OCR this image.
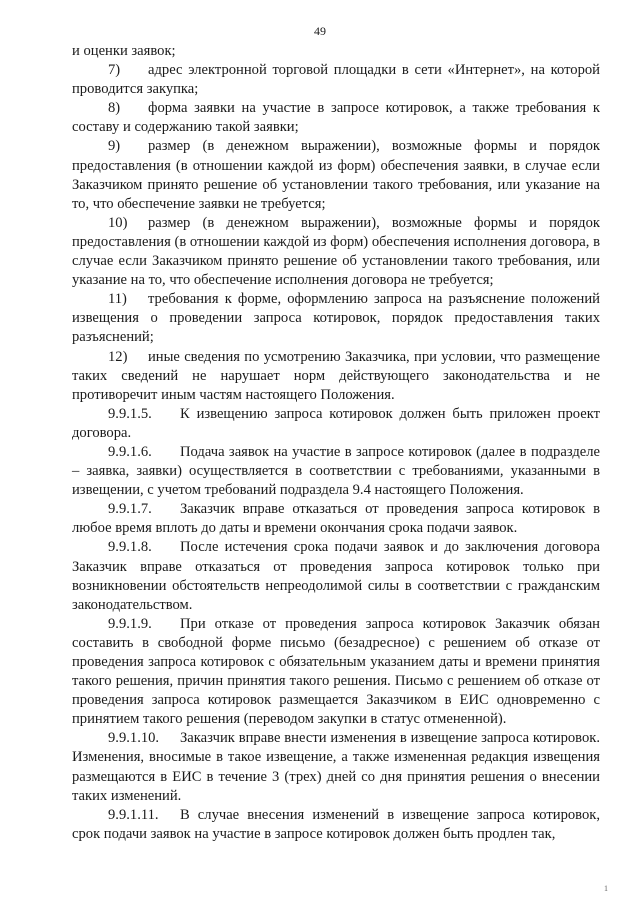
49

и оценки заявок;

7) адрес электронной торговой площадки в сети «Интернет», на которой проводится закупка;

8) форма заявки на участие в запросе котировок, а также требования к составу и содержанию такой заявки;

9) размер (в денежном выражении), возможные формы и порядок предоставления (в отношении каждой из форм) обеспечения заявки, в случае если Заказчиком принято решение об установлении такого требования, или указание на то, что обеспечение заявки не требуется;

10) размер (в денежном выражении), возможные формы и порядок предоставления (в отношении каждой из форм) обеспечения исполнения договора, в случае если Заказчиком принято решение об установлении такого требования, или указание на то, что обеспечение исполнения договора не требуется;

11) требования к форме, оформлению запроса на разъяснение положений извещения о проведении запроса котировок, порядок предоставления таких разъяснений;

12) иные сведения по усмотрению Заказчика, при условии, что размещение таких сведений не нарушает норм действующего законодательства и не противоречит иным частям настоящего Положения.

9.9.1.5. К извещению запроса котировок должен быть приложен проект договора.

9.9.1.6. Подача заявок на участие в запросе котировок (далее в подразделе – заявка, заявки) осуществляется в соответствии с требованиями, указанными в извещении, с учетом требований подраздела 9.4 настоящего Положения.

9.9.1.7. Заказчик вправе отказаться от проведения запроса котировок в любое время вплоть до даты и времени окончания срока подачи заявок.

9.9.1.8. После истечения срока подачи заявок и до заключения договора Заказчик вправе отказаться от проведения запроса котировок только при возникновении обстоятельств непреодолимой силы в соответствии с гражданским законодательством.

9.9.1.9. При отказе от проведения запроса котировок Заказчик обязан составить в свободной форме письмо (безадресное) с решением об отказе от проведения запроса котировок с обязательным указанием даты и времени принятия такого решения, причин принятия такого решения. Письмо с решением об отказе от проведения запроса котировок размещается Заказчиком в ЕИС одновременно с принятием такого решения (переводом закупки в статус отмененной).

9.9.1.10. Заказчик вправе внести изменения в извещение запроса котировок. Изменения, вносимые в такое извещение, а также измененная редакция извещения размещаются в ЕИС в течение 3 (трех) дней со дня принятия решения о внесении таких изменений.

9.9.1.11. В случае внесения изменений в извещение запроса котировок, срок подачи заявок на участие в запросе котировок должен быть продлен так,

1
